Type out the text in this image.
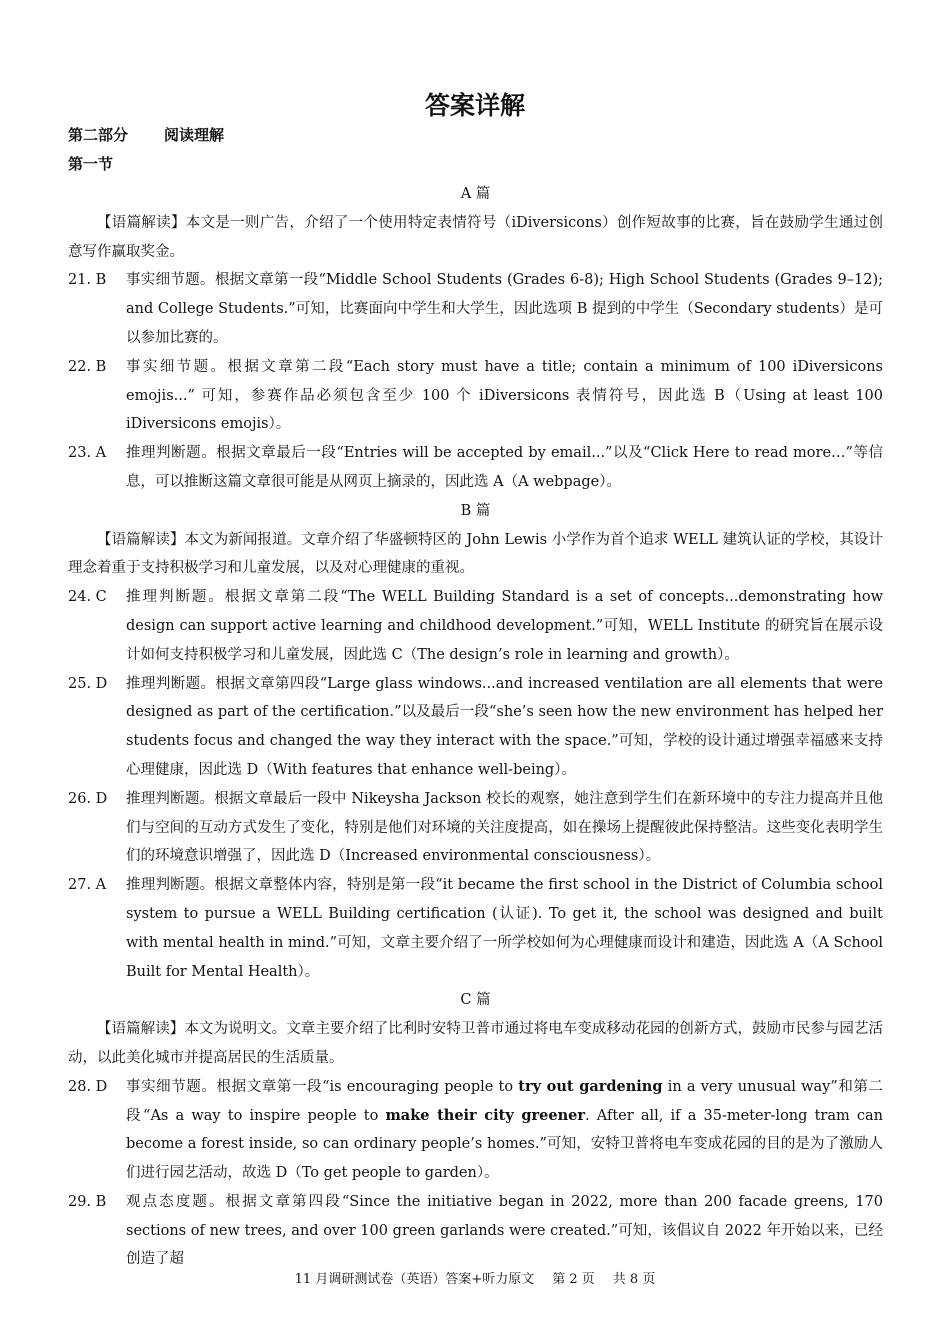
答案详解
第二部分 阅读理解
第一节

A 篇

【语篇解读】本文是一则广告，介绍了一个使用特定表情符号（iDiversicons）创作短故事的比赛，旨在鼓励学生通过创意写作赢取奖金。

21. B 事实细节题。根据文章第一段“Middle School Students (Grades 6-8); High School Students (Grades 9–12); and College Students.”可知，比赛面向中学生和大学生，因此选项 B 提到的中学生（Secondary students）是可以参加比赛的。

22. B 事实细节题。根据文章第二段“Each story must have a title; contain a minimum of 100 iDiversicons emojis...” 可知，参赛作品必须包含至少 100 个 iDiversicons 表情符号，因此选 B（Using at least 100 iDiversicons emojis）。

23. A 推理判断题。根据文章最后一段“Entries will be accepted by email...”以及“Click Here to read more…”等信息，可以推断这篇文章很可能是从网页上摘录的，因此选 A（A webpage）。

B 篇

【语篇解读】本文为新闻报道。文章介绍了华盛顿特区的 John Lewis 小学作为首个追求 WELL 建筑认证的学校，其设计理念着重于支持积极学习和儿童发展，以及对心理健康的重视。

24. C 推理判断题。根据文章第二段“The WELL Building Standard is a set of concepts...demonstrating how design can support active learning and childhood development.”可知，WELL Institute 的研究旨在展示设计如何支持积极学习和儿童发展，因此选 C（The design’s role in learning and growth）。

25. D 推理判断题。根据文章第四段“Large glass windows...and increased ventilation are all elements that were designed as part of the certification.”以及最后一段“she’s seen how the new environment has helped her students focus and changed the way they interact with the space.”可知，学校的设计通过增强幸福感来支持心理健康，因此选 D（With features that enhance well-being）。

26. D 推理判断题。根据文章最后一段中 Nikeysha Jackson 校长的观察，她注意到学生们在新环境中的专注力提高并且他们与空间的互动方式发生了变化，特别是他们对环境的关注度提高，如在操场上提醒彼此保持整洁。这些变化表明学生们的环境意识增强了，因此选 D（Increased environmental consciousness）。

27. A 推理判断题。根据文章整体内容，特别是第一段“it became the first school in the District of Columbia school system to pursue a WELL Building certification (认证). To get it, the school was designed and built with mental health in mind.”可知，文章主要介绍了一所学校如何为心理健康而设计和建造，因此选 A（A School Built for Mental Health）。

C 篇

【语篇解读】本文为说明文。文章主要介绍了比利时安特卫普市通过将电车变成移动花园的创新方式，鼓励市民参与园艺活动，以此美化城市并提高居民的生活质量。

28. D 事实细节题。根据文章第一段“is encouraging people to try out gardening in a very unusual way”和第二段“As a way to inspire people to make their city greener. After all, if a 35-meter-long tram can become a forest inside, so can ordinary people’s homes.”可知，安特卫普将电车变成花园的目的是为了激励人们进行园艺活动，故选 D（To get people to garden）。

29. B 观点态度题。根据文章第四段“Since the initiative began in 2022, more than 200 facade greens, 170 sections of new trees, and over 100 green garlands were created.”可知，该倡议自 2022 年开始以来，已经创造了超

11 月调研测试卷（英语）答案+听力原文 第 2 页 共 8 页
